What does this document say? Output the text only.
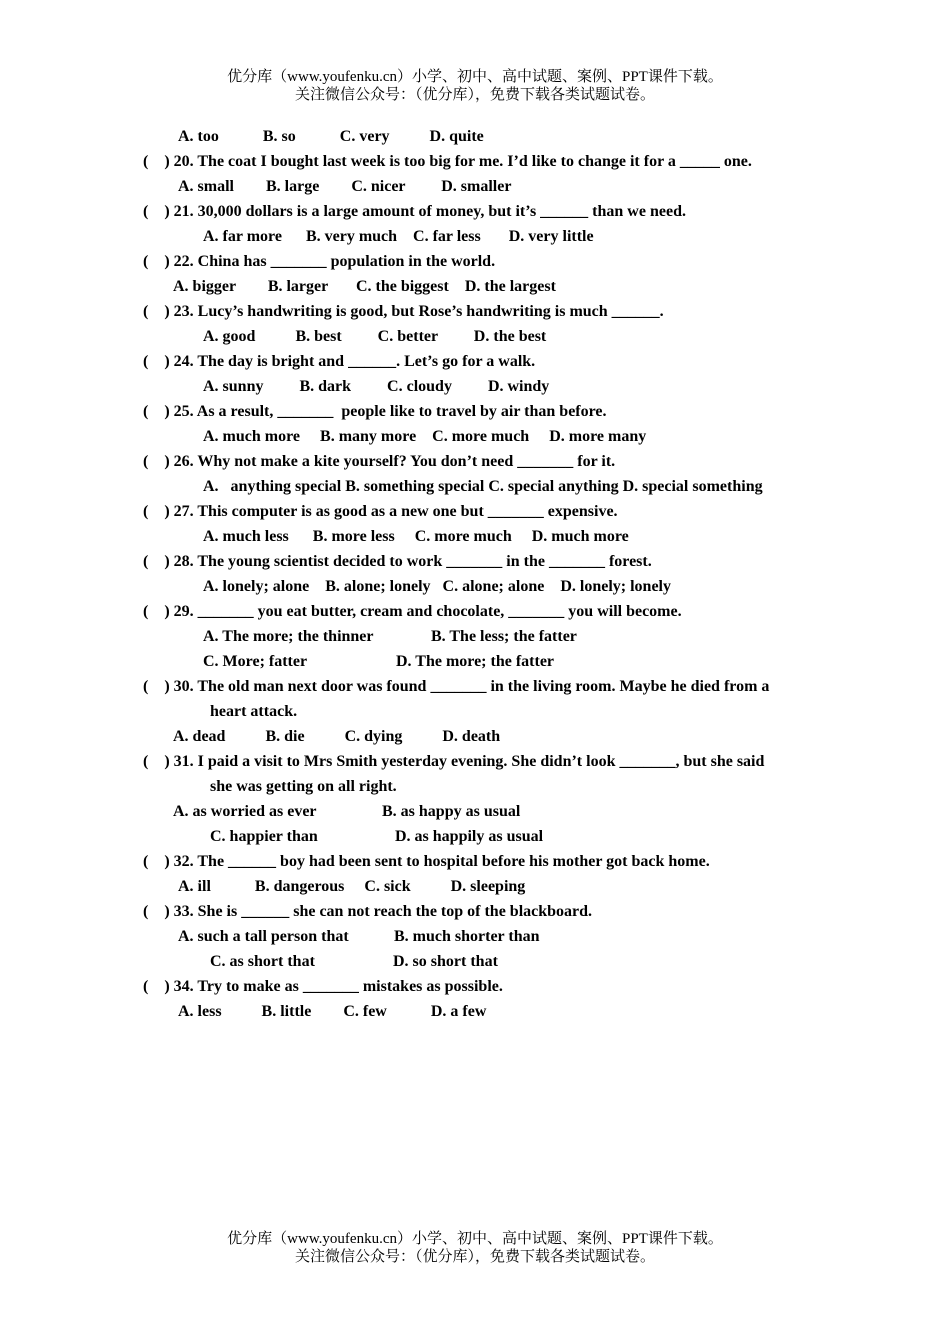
优分库（www.youfenku.cn）小学、初中、高中试题、案例、PPT课件下载。
关注微信公众号：（优分库），免费下载各类试题试卷。
A. too           B. so           C. very          D. quite
(    ) 20. The coat I bought last week is too big for me. I’d like to change it for a _____ one.
A. small        B. large        C. nicer         D. smaller
(    ) 21. 30,000 dollars is a large amount of money, but it’s ______ than we need.
A. far more      B. very much    C. far less       D. very little
(    ) 22. China has _______ population in the world.
A. bigger        B. larger       C. the biggest    D. the largest
(    ) 23. Lucy’s handwriting is good, but Rose’s handwriting is much ______.
A. good          B. best         C. better         D. the best
(    ) 24. The day is bright and ______. Let’s go for a walk.
A. sunny         B. dark         C. cloudy         D. windy
(    ) 25. As a result, _______  people like to travel by air than before.
A. much more     B. many more    C. more much     D. more many
(    ) 26. Why not make a kite yourself? You don’t need _______ for it.
A.   anything special B. something special C. special anything D. special something
(    ) 27. This computer is as good as a new one but _______ expensive.
A. much less      B. more less     C. more much     D. much more
(    ) 28. The young scientist decided to work _______ in the _______ forest.
A. lonely; alone    B. alone; lonely   C. alone; alone    D. lonely; lonely
(    ) 29. _______ you eat butter, cream and chocolate, _______ you will become.
A. The more; the thinner	B. The less; the fatter
C. More; fatter	D. The more; the fatter
(    ) 30. The old man next door was found _______ in the living room. Maybe he died from a
heart attack.
A. dead          B. die          C. dying          D. death
(    ) 31. I paid a visit to Mrs Smith yesterday evening. She didn’t look _______, but she said
she was getting on all right.
A. as worried as ever	B. as happy as usual
C. happier than	D. as happily as usual
(    ) 32. The ______ boy had been sent to hospital before his mother got back home.
A. ill           B. dangerous     C. sick          D. sleeping
(    ) 33. She is ______ she can not reach the top of the blackboard.
A. such a tall person that	B. much shorter than
C. as short that	D. so short that
(    ) 34. Try to make as _______ mistakes as possible.
A. less          B. little        C. few           D. a few
优分库（www.youfenku.cn）小学、初中、高中试题、案例、PPT课件下载。
关注微信公众号：（优分库），免费下载各类试题试卷。
